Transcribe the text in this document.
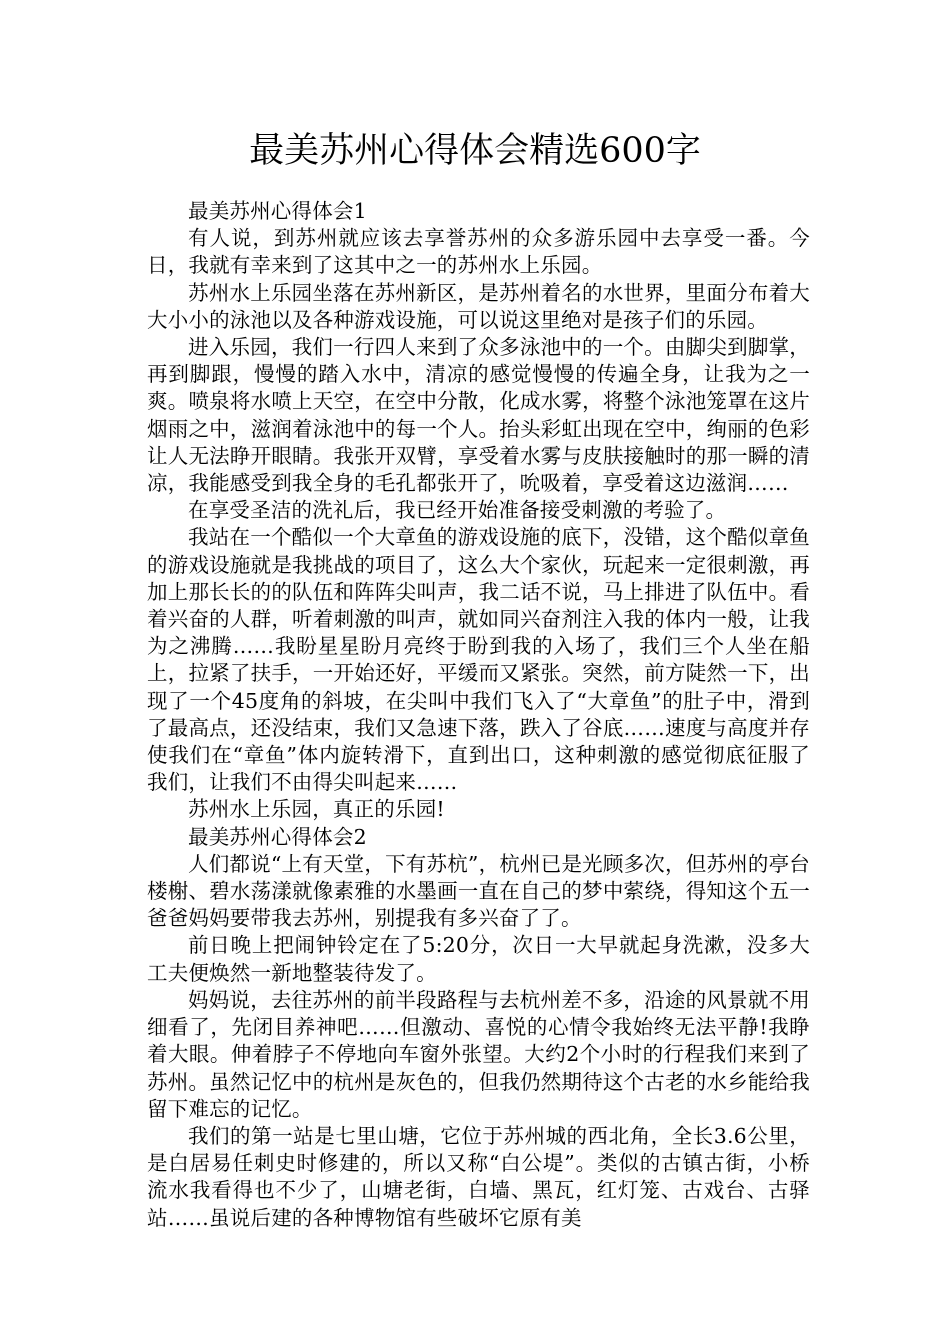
最美苏州心得体会精选600字

最美苏州心得体会1

有人说，到苏州就应该去享誉苏州的众多游乐园中去享受一番。今日，我就有幸来到了这其中之一的苏州水上乐园。

苏州水上乐园坐落在苏州新区，是苏州着名的水世界，里面分布着大大小小的泳池以及各种游戏设施，可以说这里绝对是孩子们的乐园。

进入乐园，我们一行四人来到了众多泳池中的一个。由脚尖到脚掌，再到脚跟，慢慢的踏入水中，清凉的感觉慢慢的传遍全身，让我为之一爽。喷泉将水喷上天空，在空中分散，化成水雾，将整个泳池笼罩在这片烟雨之中，滋润着泳池中的每一个人。抬头彩虹出现在空中，绚丽的色彩让人无法睁开眼睛。我张开双臂，享受着水雾与皮肤接触时的那一瞬的清凉，我能感受到我全身的毛孔都张开了，吮吸着，享受着这边滋润……

在享受圣洁的洗礼后，我已经开始准备接受刺激的考验了。

我站在一个酷似一个大章鱼的游戏设施的底下，没错，这个酷似章鱼的游戏设施就是我挑战的项目了，这么大个家伙，玩起来一定很刺激，再加上那长长的的队伍和阵阵尖叫声，我二话不说，马上排进了队伍中。看着兴奋的人群，听着刺激的叫声，就如同兴奋剂注入我的体内一般，让我为之沸腾……我盼星星盼月亮终于盼到我的入场了，我们三个人坐在船上，拉紧了扶手，一开始还好，平缓而又紧张。突然，前方陡然一下，出现了一个45度角的斜坡，在尖叫中我们飞入了“大章鱼”的肚子中，滑到了最高点，还没结束，我们又急速下落，跌入了谷底……速度与高度并存使我们在“章鱼”体内旋转滑下，直到出口，这种刺激的感觉彻底征服了我们，让我们不由得尖叫起来……

苏州水上乐园，真正的乐园!

最美苏州心得体会2

人们都说“上有天堂，下有苏杭”，杭州已是光顾多次，但苏州的亭台楼榭、碧水荡漾就像素雅的水墨画一直在自己的梦中萦绕，得知这个五一爸爸妈妈要带我去苏州，别提我有多兴奋了了。

前日晚上把闹钟铃定在了5:20分，次日一大早就起身洗漱，没多大工夫便焕然一新地整装待发了。

妈妈说，去往苏州的前半段路程与去杭州差不多，沿途的风景就不用细看了，先闭目养神吧……但激动、喜悦的心情令我始终无法平静!我睁着大眼。伸着脖子不停地向车窗外张望。大约2个小时的行程我们来到了苏州。虽然记忆中的杭州是灰色的，但我仍然期待这个古老的水乡能给我留下难忘的记忆。

我们的第一站是七里山塘，它位于苏州城的西北角，全长3.6公里，是白居易任刺史时修建的，所以又称“白公堤”。类似的古镇古街，小桥流水我看得也不少了，山塘老街，白墙、黑瓦，红灯笼、古戏台、古驿站……虽说后建的各种博物馆有些破坏它原有美
